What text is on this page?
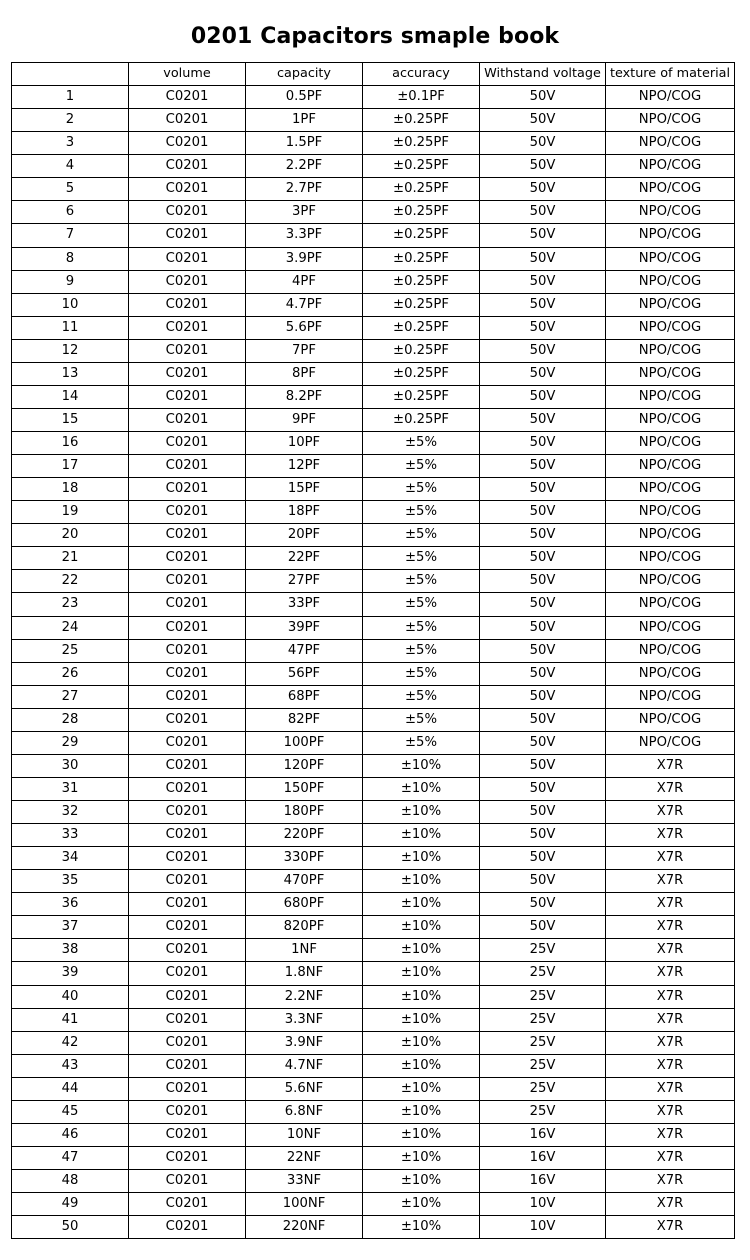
0201 Capacitors smaple book
	volume	capacity	accuracy	Withstand voltage	texture of material
1	C0201	0.5PF	±0.1PF	50V	NPO/COG
2	C0201	1PF	±0.25PF	50V	NPO/COG
3	C0201	1.5PF	±0.25PF	50V	NPO/COG
4	C0201	2.2PF	±0.25PF	50V	NPO/COG
5	C0201	2.7PF	±0.25PF	50V	NPO/COG
6	C0201	3PF	±0.25PF	50V	NPO/COG
7	C0201	3.3PF	±0.25PF	50V	NPO/COG
8	C0201	3.9PF	±0.25PF	50V	NPO/COG
9	C0201	4PF	±0.25PF	50V	NPO/COG
10	C0201	4.7PF	±0.25PF	50V	NPO/COG
11	C0201	5.6PF	±0.25PF	50V	NPO/COG
12	C0201	7PF	±0.25PF	50V	NPO/COG
13	C0201	8PF	±0.25PF	50V	NPO/COG
14	C0201	8.2PF	±0.25PF	50V	NPO/COG
15	C0201	9PF	±0.25PF	50V	NPO/COG
16	C0201	10PF	±5%	50V	NPO/COG
17	C0201	12PF	±5%	50V	NPO/COG
18	C0201	15PF	±5%	50V	NPO/COG
19	C0201	18PF	±5%	50V	NPO/COG
20	C0201	20PF	±5%	50V	NPO/COG
21	C0201	22PF	±5%	50V	NPO/COG
22	C0201	27PF	±5%	50V	NPO/COG
23	C0201	33PF	±5%	50V	NPO/COG
24	C0201	39PF	±5%	50V	NPO/COG
25	C0201	47PF	±5%	50V	NPO/COG
26	C0201	56PF	±5%	50V	NPO/COG
27	C0201	68PF	±5%	50V	NPO/COG
28	C0201	82PF	±5%	50V	NPO/COG
29	C0201	100PF	±5%	50V	NPO/COG
30	C0201	120PF	±10%	50V	X7R
31	C0201	150PF	±10%	50V	X7R
32	C0201	180PF	±10%	50V	X7R
33	C0201	220PF	±10%	50V	X7R
34	C0201	330PF	±10%	50V	X7R
35	C0201	470PF	±10%	50V	X7R
36	C0201	680PF	±10%	50V	X7R
37	C0201	820PF	±10%	50V	X7R
38	C0201	1NF	±10%	25V	X7R
39	C0201	1.8NF	±10%	25V	X7R
40	C0201	2.2NF	±10%	25V	X7R
41	C0201	3.3NF	±10%	25V	X7R
42	C0201	3.9NF	±10%	25V	X7R
43	C0201	4.7NF	±10%	25V	X7R
44	C0201	5.6NF	±10%	25V	X7R
45	C0201	6.8NF	±10%	25V	X7R
46	C0201	10NF	±10%	16V	X7R
47	C0201	22NF	±10%	16V	X7R
48	C0201	33NF	±10%	16V	X7R
49	C0201	100NF	±10%	10V	X7R
50	C0201	220NF	±10%	10V	X7R
